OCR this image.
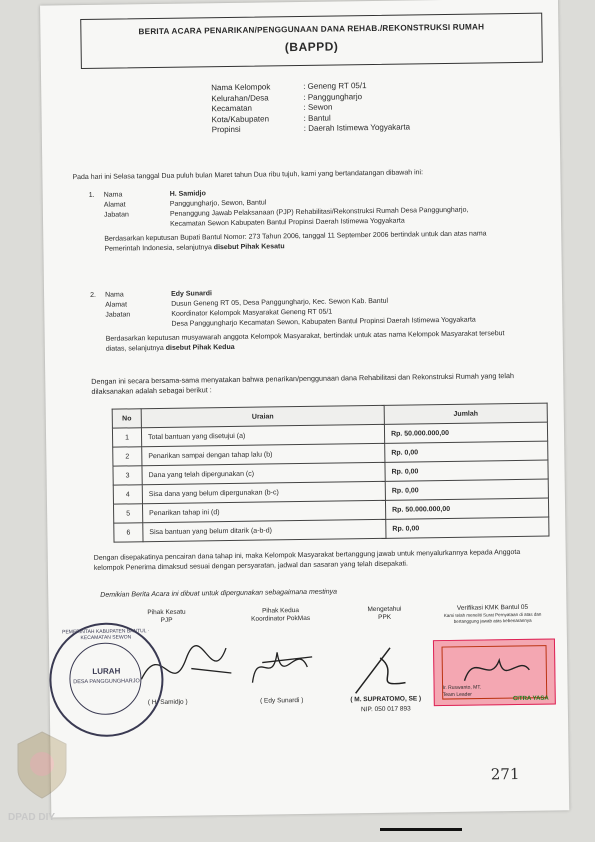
BERITA ACARA PENARIKAN/PENGGUNAAN DANA REHAB./REKONSTRUKSI RUMAH
(BAPPD)
Nama Kelompok	: Geneng RT 05/1
Kelurahan/Desa	: Panggungharjo
Kecamatan	: Sewon
Kota/Kabupaten	: Bantul
Propinsi	: Daerah Istimewa Yogyakarta
Pada hari ini Selasa tanggal Dua puluh bulan Maret tahun Dua ribu tujuh, kami yang bertandatangan dibawah ini:
1.	Nama	H. Samidjo
Alamat	Panggungharjo, Sewon, Bantul
Jabatan	Penanggung Jawab Pelaksanaan (PJP) Rehabilitasi/Rekonstruksi Rumah Desa Panggungharjo, Kecamatan Sewon Kabupaten Bantul Propinsi Daerah Istimewa Yogyakarta
Berdasarkan keputusan Bupati Bantul Nomor: 273 Tahun 2006, tanggal 11 September 2006 bertindak untuk dan atas nama Pemerintah Indonesia, selanjutnya disebut Pihak Kesatu
2.	Nama	Edy Sunardi
Alamat	Dusun Geneng RT 05, Desa Panggungharjo, Kec. Sewon Kab. Bantul
Jabatan	Koordinator Kelompok Masyarakat Geneng RT 05/1
Desa Panggungharjo Kecamatan Sewon, Kabupaten Bantul Propinsi Daerah Istimewa Yogyakarta
Berdasarkan keputusan musyawarah anggota Kelompok Masyarakat, bertindak untuk atas nama Kelompok Masyarakat tersebut diatas, selanjutnya disebut Pihak Kedua
Dengan ini secara bersama-sama menyatakan bahwa penarikan/penggunaan dana Rehabilitasi dan Rekonstruksi Rumah yang telah dilaksanakan adalah sebagai berikut :
No	Uraian	Jumlah
1	Total bantuan yang disetujui (a)	Rp. 50.000.000,00
2	Penarikan sampai dengan tahap lalu (b)	Rp. 0,00
3	Dana yang telah dipergunakan (c)	Rp. 0,00
4	Sisa dana yang belum dipergunakan (b-c)	Rp. 0,00
5	Penarikan tahap ini (d)	Rp. 50.000.000,00
6	Sisa bantuan yang belum ditarik (a-b-d)	Rp. 0,00
Dengan disepakatinya pencairan dana tahap ini, maka Kelompok Masyarakat bertanggung jawab untuk menyalurkannya kepada Anggota kelompok Penerima dimaksud sesuai dengan persyaratan, jadwal dan sasaran yang telah disepakati.
Demikian Berita Acara ini dibuat untuk dipergunakan sebagaimana mestinya
Pihak Kesatu
PJP
( H. Samidjo )
Pihak Kedua
Koordinator PokMas
( Edy Sunardi )
Mengetahui
PPK
( M. SUPRATOMO, SE )
NIP. 050 017 893
Verifikasi KMK Bantul 05
Kami telah meneliti Surat Pernyataan di atas dan bertanggung jawab atas kebenarannya
Ir. Ruswanto, MT.
Team Leader
CITRA YASA
PEMERINTAH KABUPATEN BANTUL · KECAMATAN SEWON
LURAH
DESA PANGGUNGHARJO
271
DPAD DIY
